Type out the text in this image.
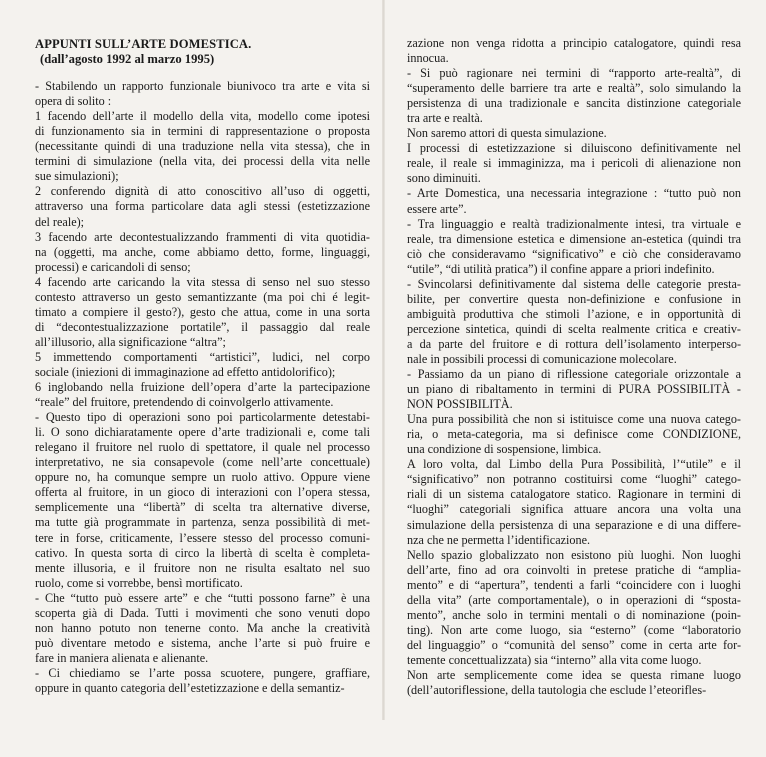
APPUNTI SULL’ARTE DOMESTICA.
(dall’agosto 1992 al marzo 1995)
- Stabilendo un rapporto funzionale biunivoco tra arte e vita si
opera di solito :
1 facendo dell’arte il modello della vita, modello come ipotesi
di funzionamento sia in termini di rappresentazione o proposta
(necessitante quindi di una traduzione nella vita stessa), che in
termini di simulazione (nella vita, dei processi della vita nelle
sue simulazioni);
2 conferendo dignità di atto conoscitivo all’uso di oggetti,
attraverso una forma particolare data agli stessi (estetizzazione
del reale);
3 facendo arte decontestualizzando frammenti di vita quotidia-
na (oggetti, ma anche, come abbiamo detto, forme, linguaggi,
processi) e caricandoli di senso;
4 facendo arte caricando la vita stessa di senso nel suo stesso
contesto attraverso un gesto semantizzante (ma poi chi é legit-
timato a compiere il gesto?), gesto che attua, come in una sorta
di “decontestualizzazione portatile”, il passaggio dal reale
all’illusorio, alla significazione “altra”;
5 immettendo comportamenti “artistici”, ludici, nel corpo
sociale (iniezioni di immaginazione ad effetto antidolorifico);
6 inglobando nella fruizione dell’opera d’arte la partecipazione
“reale” del fruitore, pretendendo di coinvolgerlo attivamente.
- Questo tipo di operazioni sono poi particolarmente detestabi-
li. O sono dichiaratamente opere d’arte tradizionali e, come tali
relegano il fruitore nel ruolo di spettatore, il quale nel processo
interpretativo, ne sia consapevole (come nell’arte concettuale)
oppure no, ha comunque sempre un ruolo attivo. Oppure viene
offerta al fruitore, in un gioco di interazioni con l’opera stessa,
semplicemente una “libertà” di scelta tra alternative diverse,
ma tutte già programmate in partenza, senza possibilità di met-
tere in forse, criticamente, l’essere stesso del processo comuni-
cativo. In questa sorta di circo la libertà di scelta è completa-
mente illusoria, e il fruitore non ne risulta esaltato nel suo
ruolo, come si vorrebbe, bensì mortificato.
- Che “tutto può essere arte” e che “tutti possono farne” è una
scoperta già di Dada. Tutti i movimenti che sono venuti dopo
non hanno potuto non tenerne conto. Ma anche la creatività
può diventare metodo e sistema, anche l’arte si può fruire e
fare in maniera alienata e alienante.
- Ci chiediamo se l’arte possa scuotere, pungere, graffiare,
oppure in quanto categoria dell’estetizzazione e della semantiz-
zazione non venga ridotta a principio catalogatore, quindi resa
innocua.
- Si può ragionare nei termini di “rapporto arte-realtà”, di
“superamento delle barriere tra arte e realtà”, solo simulando la
persistenza di una tradizionale e sancita distinzione categoriale
tra arte e realtà.
Non saremo attori di questa simulazione.
I processi di estetizzazione si diluiscono definitivamente nel
reale, il reale si immaginizza, ma i pericoli di alienazione non
sono diminuiti.
- Arte Domestica, una necessaria integrazione : “tutto può non
essere arte”.
- Tra linguaggio e realtà tradizionalmente intesi, tra virtuale e
reale, tra dimensione estetica e dimensione an-estetica (quindi tra
ciò che consideravamo “significativo” e ciò che consideravamo
“utile”, “di utilità pratica”) il confine appare a priori indefinito.
- Svincolarsi definitivamente dal sistema delle categorie presta-
bilite, per convertire questa non-definizione e confusione in
ambiguità produttiva che stimoli l’azione, e in opportunità di
percezione sintetica, quindi di scelta realmente critica e creativ-
a da parte del fruitore e di rottura dell’isolamento interperso-
nale in possibili processi di comunicazione molecolare.
- Passiamo da un piano di riflessione categoriale orizzontale a
un piano di ribaltamento in termini di PURA POSSIBILITÀ -
NON POSSIBILITÀ.
Una pura possibilità che non si istituisce come una nuova catego-
ria, o meta-categoria, ma si definisce come CONDIZIONE,
una condizione di sospensione, limbica.
A loro volta, dal Limbo della Pura Possibilità, l’“utile” e il
“significativo” non potranno costituirsi come “luoghi” catego-
riali di un sistema catalogatore statico. Ragionare in termini di
“luoghi” categoriali significa attuare ancora una volta una
simulazione della persistenza di una separazione e di una differe-
nza che ne permetta l’identificazione.
Nello spazio globalizzato non esistono più luoghi. Non luoghi
dell’arte, fino ad ora coinvolti in pretese pratiche di “amplia-
mento” e di “apertura”, tendenti a farli “coincidere con i luoghi
della vita” (arte comportamentale), o in operazioni di “sposta-
mento”, anche solo in termini mentali o di nominazione (poin-
ting). Non arte come luogo, sia “esterno” (come “laboratorio
del linguaggio” o “comunità del senso” come in certa arte for-
temente concettualizzata) sia “interno” alla vita come luogo.
Non arte semplicemente come idea se questa rimane luogo
(dell’autoriflessione, della tautologia che esclude l’eteorifles-
